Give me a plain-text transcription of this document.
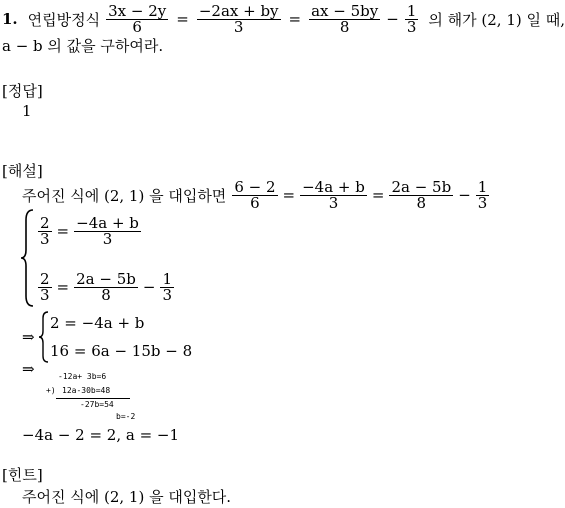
1. 연립방정식 $\frac{3x - 2y}{6} = \frac{-2ax + by}{3} = \frac{ax - 5by}{8} - \frac{1}{3}$ 의 해가 (2, 1) 일 때,
a − b 의 값을 구하여라.
[정답]
1
[해설]
주어진 식에 (2, 1) 을 대입하면 $\frac{6 - 2}{6} = \frac{-4a + b}{3} = \frac{2a - 5b}{8} - \frac{1}{3}$
$\frac{2}{3} = \frac{-4a + b}{3}$
$\frac{2}{3} = \frac{2a - 5b}{8} - \frac{1}{3}$
⇒
2 = −4a + b
16 = 6a − 15b − 8
⇒	-12a+ 3b=6
+) 12a-30b=48
-27b=54
b=-2
−4a − 2 = 2, a = −1
[힌트]
주어진 식에 (2, 1) 을 대입한다.
